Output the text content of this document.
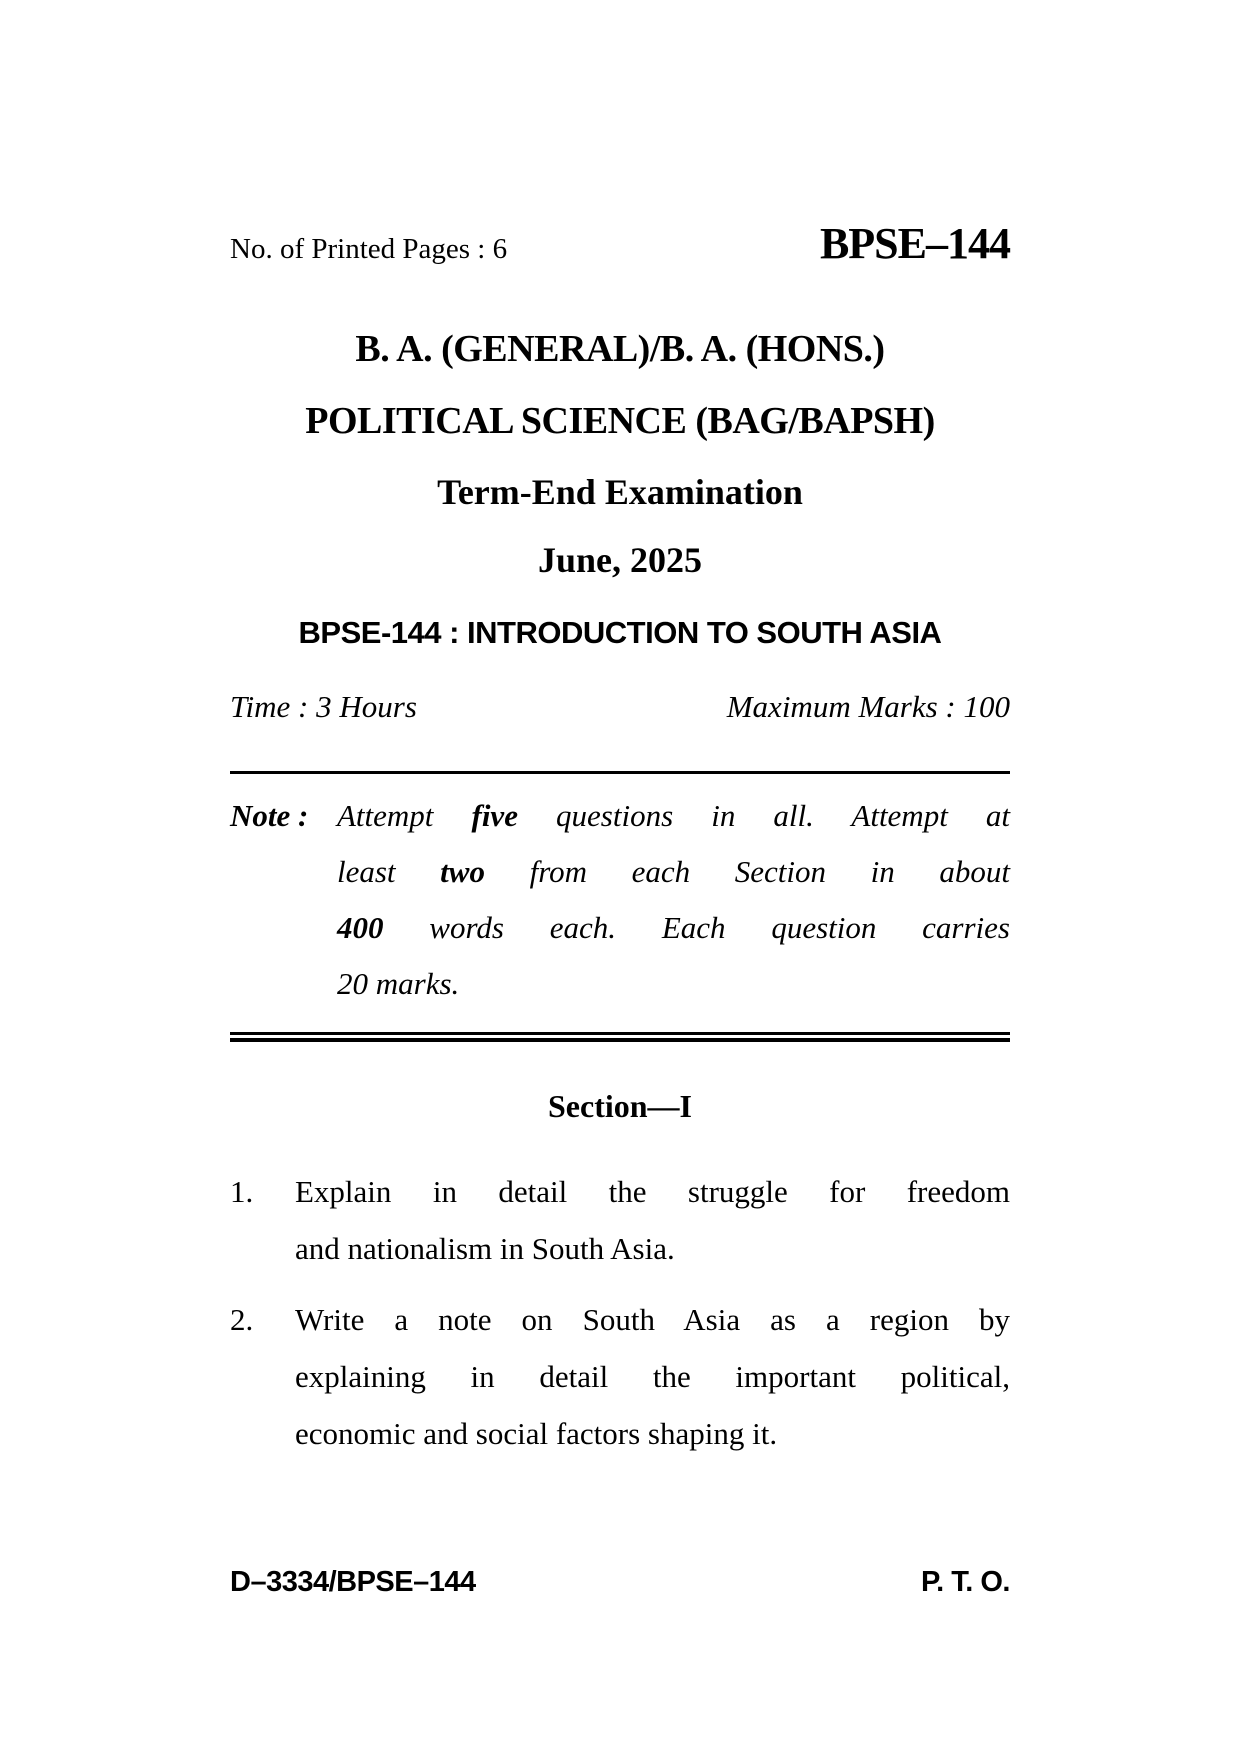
No. of Printed Pages : 6	BPSE–144
B. A. (GENERAL)/B. A. (HONS.)
POLITICAL SCIENCE (BAG/BAPSH)
Term-End Examination
June, 2025
BPSE-144 : INTRODUCTION TO SOUTH ASIA
Time : 3 Hours	Maximum Marks : 100
Note : Attempt five questions in all. Attempt at
least two from each Section in about
400 words each. Each question carries
20 marks.
Section—I
1.	Explain in detail the struggle for freedom
and nationalism in South Asia.
2.	Write a note on South Asia as a region by
explaining in detail the important political,
economic and social factors shaping it.
D–3334/BPSE–144	P. T. O.
